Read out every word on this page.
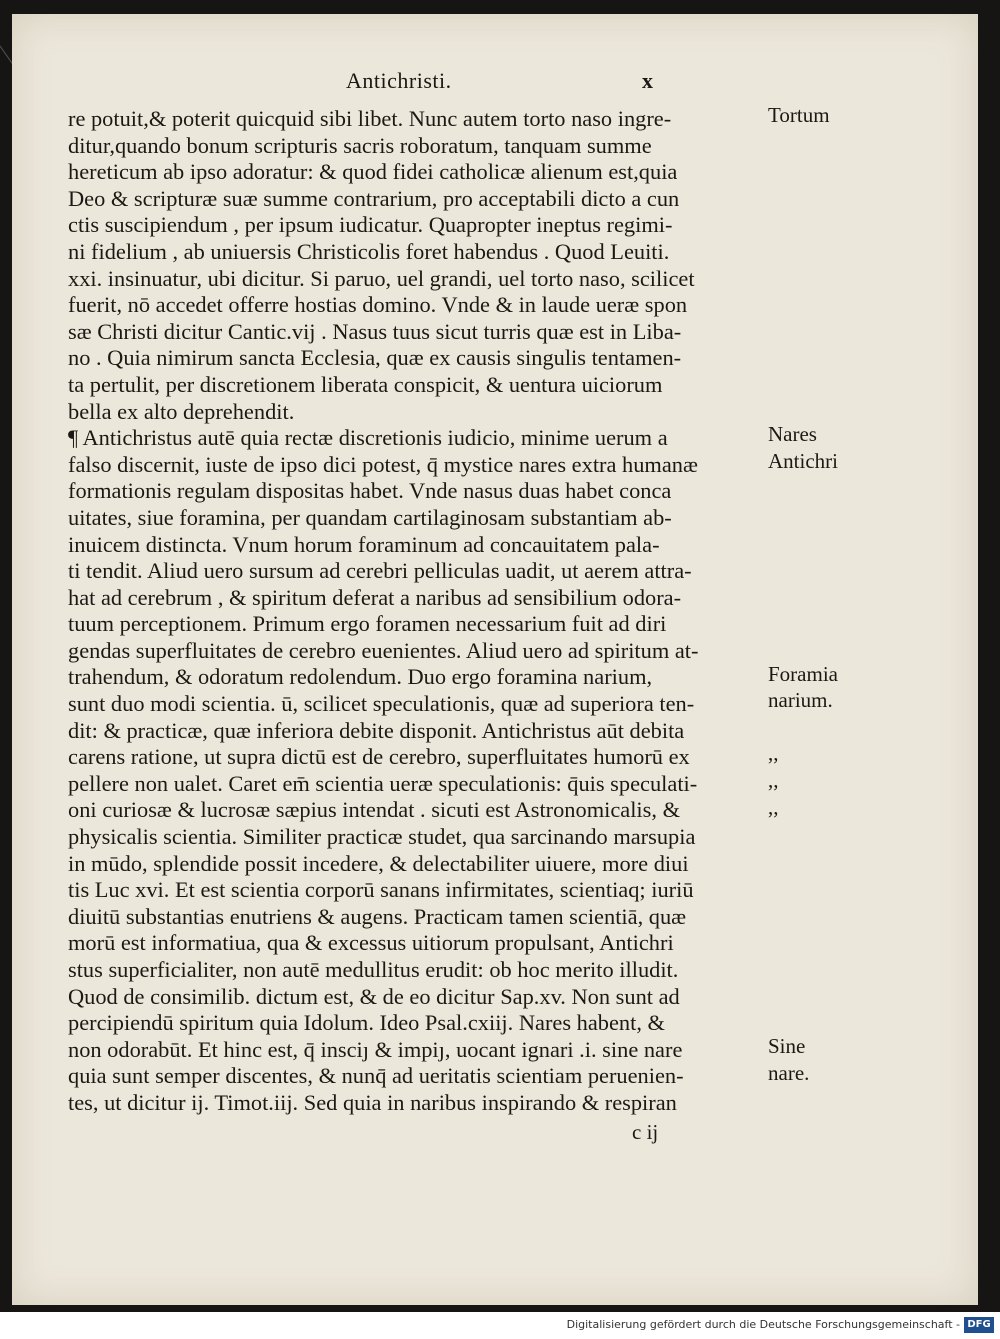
Antichristi.	x
re potuit,& poterit quicquid sibi libet. Nunc autem torto naso ingre-
ditur,quando bonum scripturis sacris roboratum, tanquam summe
hereticum ab ipso adoratur: & quod fidei catholicæ alienum est,quia
Deo & scripturæ suæ summe contrarium, pro acceptabili dicto a cun
ctis suscipiendum , per ipsum iudicatur. Quapropter ineptus regimi-
ni fidelium , ab uniuersis Christicolis foret habendus . Quod Leuiti.
xxi. insinuatur, ubi dicitur. Si paruo, uel grandi, uel torto naso, scilicet
fuerit, nō accedet offerre hostias domino. Vnde & in laude ueræ spon
sæ Christi dicitur Cantic.vij . Nasus tuus sicut turris quæ est in Liba-
no . Quia nimirum sancta Ecclesia, quæ ex causis singulis tentamen-
ta pertulit, per discretionem liberata conspicit, & uentura uiciorum
bella ex alto deprehendit.
¶ Antichristus autē quia rectæ discretionis iudicio, minime uerum a
falso discernit, iuste de ipso dici potest, q̄ mystice nares extra humanæ
formationis regulam dispositas habet. Vnde nasus duas habet conca
uitates, siue foramina, per quandam cartilaginosam substantiam ab-
inuicem distincta. Vnum horum foraminum ad concauitatem pala-
ti tendit. Aliud uero sursum ad cerebri pelliculas uadit, ut aerem attra-
hat ad cerebrum , & spiritum deferat a naribus ad sensibilium odora-
tuum perceptionem. Primum ergo foramen necessarium fuit ad diri
gendas superfluitates de cerebro euenientes. Aliud uero ad spiritum at-
trahendum, & odoratum redolendum. Duo ergo foramina narium,
sunt duo modi scientia. ū, scilicet speculationis, quæ ad superiora ten-
dit: & practicæ, quæ inferiora debite disponit. Antichristus aūt debita
carens ratione, ut supra dictū est de cerebro, superfluitates humorū ex
pellere non ualet. Caret em̄ scientia ueræ speculationis: q̄uis speculati-
oni curiosæ & lucrosæ sæpius intendat . sicuti est Astronomicalis, &
physicalis scientia. Similiter practicæ studet, qua sarcinando marsupia
in mūdo, splendide possit incedere, & delectabiliter uiuere, more diui
tis Luc xvi. Et est scientia corporū sanans infirmitates, scientiaq; iuriū
diuitū substantias enutriens & augens. Practicam tamen scientiā, quæ
morū est informatiua, qua & excessus uitiorum propulsant, Antichri
stus superficialiter, non autē medullitus erudit: ob hoc merito illudit.
Quod de consimilib. dictum est, & de eo dicitur Sap.xv. Non sunt ad
percipiendū spiritum quia Idolum. Ideo Psal.cxiij. Nares habent, &
non odorabūt. Et hinc est, q̄ insciȷ & impiȷ, uocant ignari .i. sine nare
quia sunt semper discentes, & nunq̄ ad ueritatis scientiam peruenien-
tes, ut dicitur ij. Timot.iij. Sed quia in naribus inspirando & respiran
Tortum
Nares
Antichri
Foramia
narium.
,,
,,
,,
Sine
nare.
c ij
Digitalisierung gefördert durch die Deutsche Forschungsgemeinschaft - DFG
